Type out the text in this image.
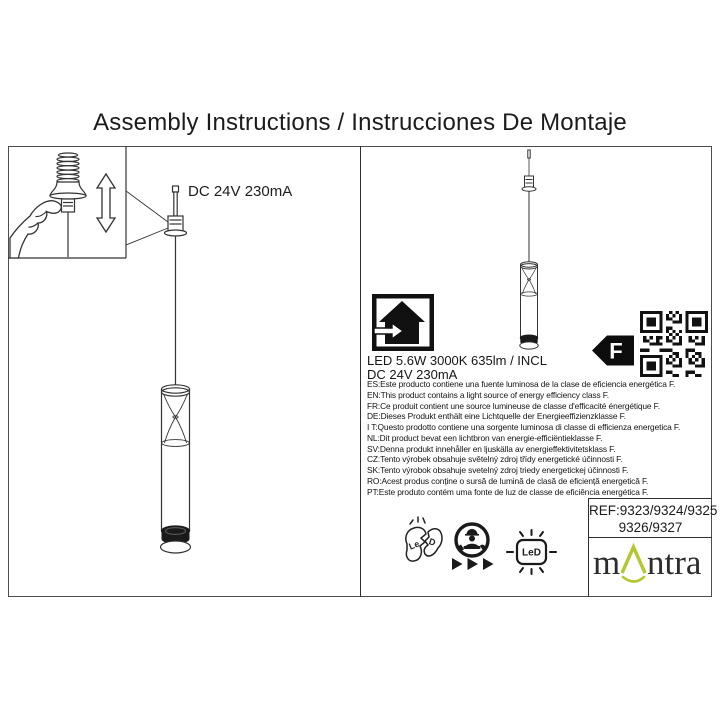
Assembly Instructions / Instrucciones De Montaje
DC 24V 230mA
LED 5.6W 3000K 635lm / INCL
DC 24V 230mA
F
ES:Este producto contiene una fuente luminosa de la clase de eficiencia energética F.
EN:This product contains a light source of energy efficiency class F.
FR:Ce produit contient une source lumineuse de classe d'efficacité énergétique F.
DE:Dieses Produkt enthält eine Lichtquelle der Energieeffizienzklasse F.
I T:Questo prodotto contiene una sorgente luminosa di classe di efficienza energetica F.
NL:Dit product bevat een lichtbron van energie-efficiëntieklasse F.
SV:Denna produkt innehåller en ljuskälla av energieffektivitetsklass F.
CZ:Tento výrobek obsahuje světelný zdroj třídy energetické účinnosti F.
SK:Tento výrobok obsahuje svetelný zdroj triedy energetickej účinnosti F.
RO:Acest produs conține o sursă de lumină de clasă de eficiență energetică F.
PT:Este produto contém uma fonte de luz de classe de eficiência energética F.
Le D
LeD
REF:9323/9324/9325
9326/9327
m ntra
